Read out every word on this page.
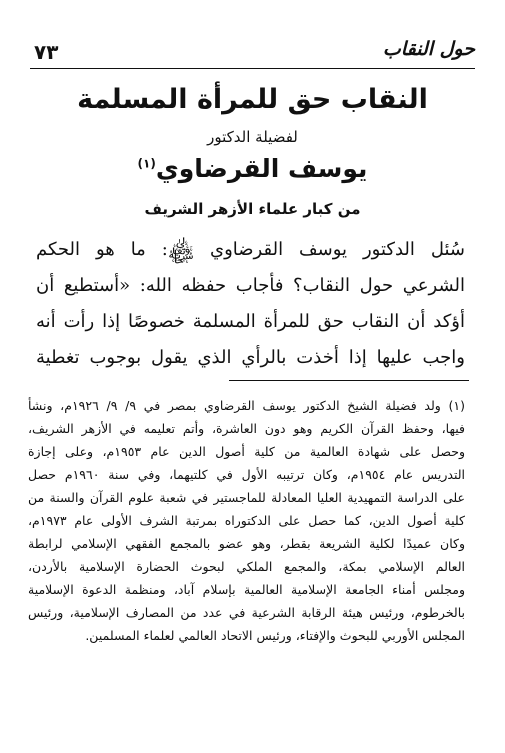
٧٣	حول النقاب
النقاب حق للمرأة المسلمة
لفضيلة الدكتور
يوسف القرضاوي$^{(١)}$
من كبار علماء الأزهر الشريف

سُئل الدكتور يوسف القرضاوي ﷾: ما هو الحكم

الشرعي حول النقاب؟ فأجاب حفظه الله: «أستطيع أن

أؤكد أن النقاب حق للمرأة المسلمة خصوصًا إذا رأت أنه

واجب عليها إذا أخذت بالرأي الذي يقول بوجوب تغطية

(١) ولد فضيلة الشيخ الدكتور يوسف القرضاوي بمصر في ٩/ ٩/ ١٩٢٦م، ونشأ

فيها، وحفظ القرآن الكريم وهو دون العاشرة، وأتم تعليمه في الأزهر الشريف،

وحصل على شهادة العالمية من كلية أصول الدين عام ١٩٥٣م، وعلى إجازة

التدريس عام ١٩٥٤م، وكان ترتيبه الأول في كلتيهما، وفي سنة ١٩٦٠م حصل

على الدراسة التمهيدية العليا المعادلة للماجستير في شعبة علوم القرآن والسنة من

كلية أصول الدين، كما حصل على الدكتوراه بمرتبة الشرف الأولى عام ١٩٧٣م،

وكان عميدًا لكلية الشريعة بقطر، وهو عضو بالمجمع الفقهي الإسلامي لرابطة

العالم الإسلامي بمكة، والمجمع الملكي لبحوث الحضارة الإسلامية بالأردن،

ومجلس أمناء الجامعة الإسلامية العالمية بإسلام آباد، ومنظمة الدعوة الإسلامية

بالخرطوم، ورئيس هيئة الرقابة الشرعية في عدد من المصارف الإسلامية، ورئيس

المجلس الأوربي للبحوث والإفتاء، ورئيس الاتحاد العالمي لعلماء المسلمين.
